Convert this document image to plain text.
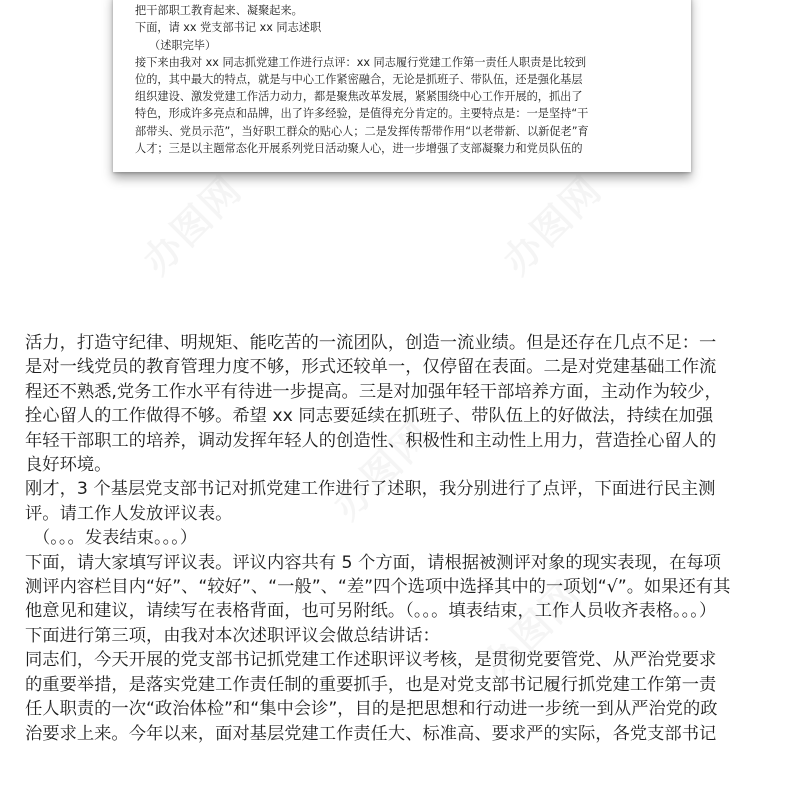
把干部职工教育起来、凝聚起来。

下面，请 xx 党支部书记 xx 同志述职

（述职完毕）

接下来由我对 xx 同志抓党建工作进行点评：xx 同志履行党建工作第一责任人职责是比较到

位的，其中最大的特点，就是与中心工作紧密融合，无论是抓班子、带队伍，还是强化基层

组织建设、激发党建工作活力动力，都是聚焦改革发展，紧紧围绕中心工作开展的，抓出了

特色，形成许多亮点和品牌，出了许多经验，是值得充分肯定的。主要特点是：一是坚持“干

部带头、党员示范”，当好职工群众的贴心人；二是发挥传帮带作用“以老带新、以新促老”育

人才；三是以主题常态化开展系列党日活动聚人心，进一步增强了支部凝聚力和党员队伍的

办图网	办图网
办图网
办图网

活力，打造守纪律、明规矩、能吃苦的一流团队，创造一流业绩。但是还存在几点不足：一

是对一线党员的教育管理力度不够，形式还较单一，仅停留在表面。二是对党建基础工作流

程还不熟悉,党务工作水平有待进一步提高。三是对加强年轻干部培养方面，主动作为较少，

拴心留人的工作做得不够。希望 xx 同志要延续在抓班子、带队伍上的好做法，持续在加强

年轻干部职工的培养，调动发挥年轻人的创造性、积极性和主动性上用力，营造拴心留人的

良好环境。

刚才，3 个基层党支部书记对抓党建工作进行了述职，我分别进行了点评，下面进行民主测

评。请工作人发放评议表。

（。。。发表结束。。。）

下面，请大家填写评议表。评议内容共有 5 个方面，请根据被测评对象的现实表现，在每项

测评内容栏目内“好”、“较好”、“一般”、“差”四个选项中选择其中的一项划“√”。如果还有其

他意见和建议，请续写在表格背面，也可另附纸。（。。。填表结束，工作人员收齐表格。。。）

下面进行第三项，由我对本次述职评议会做总结讲话：

同志们，今天开展的党支部书记抓党建工作述职评议考核，是贯彻党要管党、从严治党要求

的重要举措，是落实党建工作责任制的重要抓手，也是对党支部书记履行抓党建工作第一责

任人职责的一次“政治体检”和“集中会诊”，目的是把思想和行动进一步统一到从严治党的政

治要求上来。今年以来，面对基层党建工作责任大、标准高、要求严的实际，各党支部书记
